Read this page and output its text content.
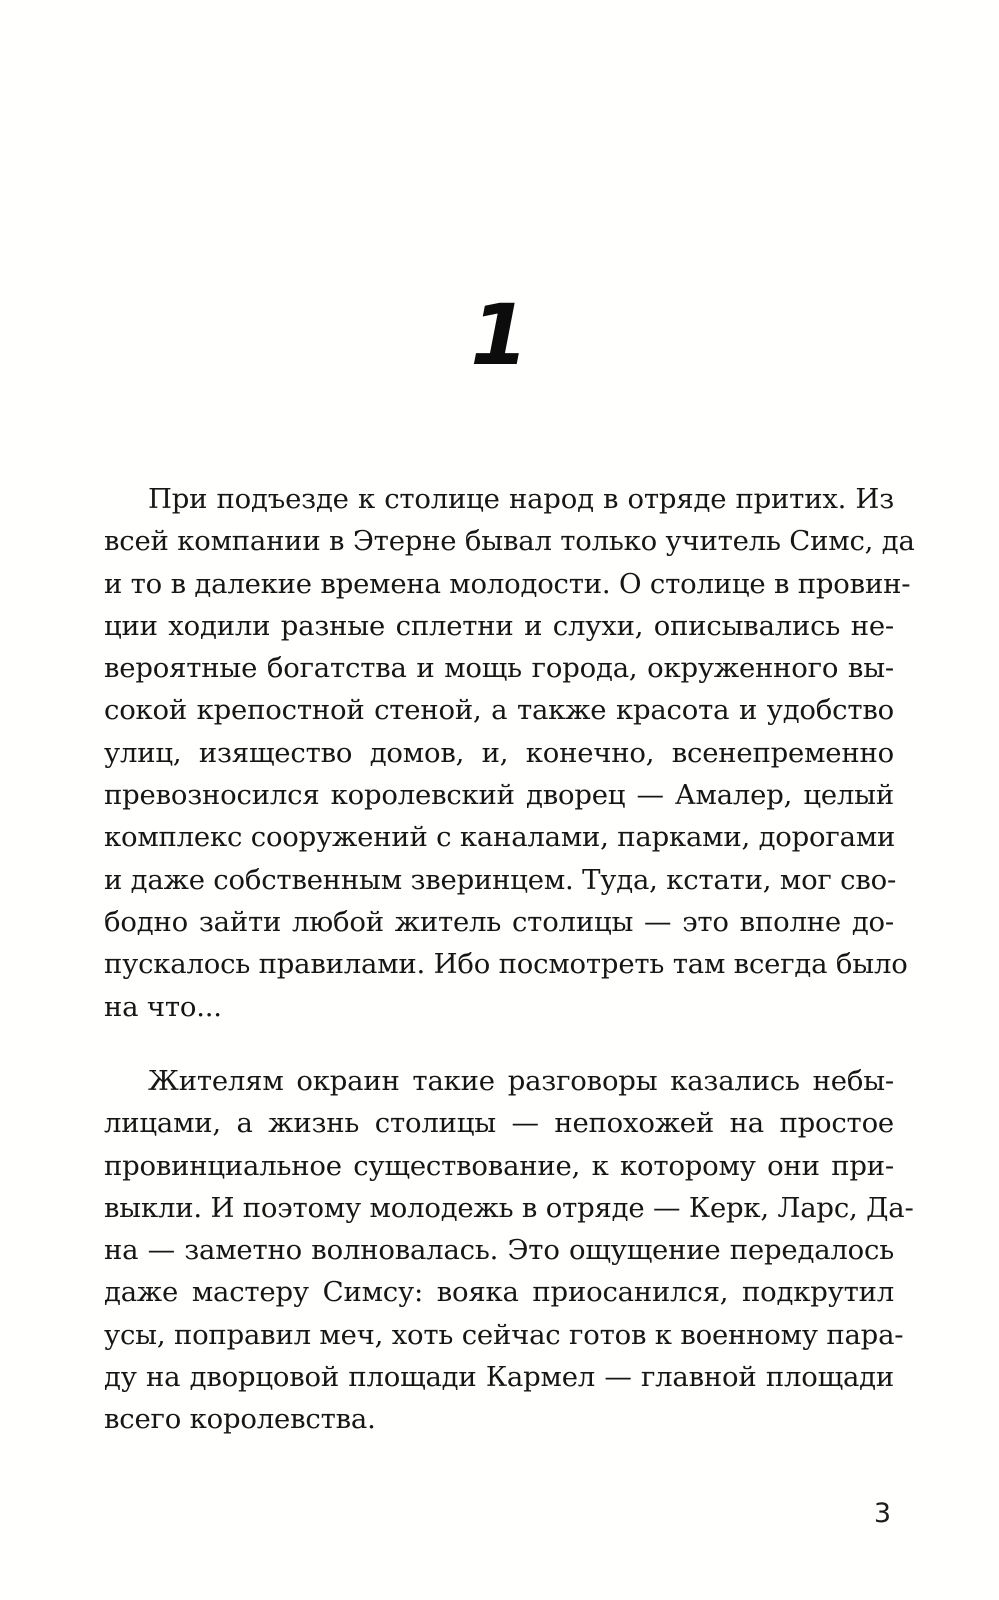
1
При подъезде к столице народ в отряде притих. Из
всей компании в Этерне бывал только учитель Симс, да
и то в далекие времена молодости. О столице в провин-
ции ходили разные сплетни и слухи, описывались не-
вероятные богатства и мощь города, окруженного вы-
сокой крепостной стеной, а также красота и удобство
улиц, изящество домов, и, конечно, всенепременно
превозносился королевский дворец — Амалер, целый
комплекс сооружений с каналами, парками, дорогами
и даже собственным зверинцем. Туда, кстати, мог сво-
бодно зайти любой житель столицы — это вполне до-
пускалось правилами. Ибо посмотреть там всегда было
на что...
Жителям окраин такие разговоры казались небы-
лицами, а жизнь столицы — непохожей на простое
провинциальное существование, к которому они при-
выкли. И поэтому молодежь в отряде — Керк, Ларс, Да-
на — заметно волновалась. Это ощущение передалось
даже мастеру Симсу: вояка приосанился, подкрутил
усы, поправил меч, хоть сейчас готов к военному пара-
ду на дворцовой площади Кармел — главной площади
всего королевства.
3
